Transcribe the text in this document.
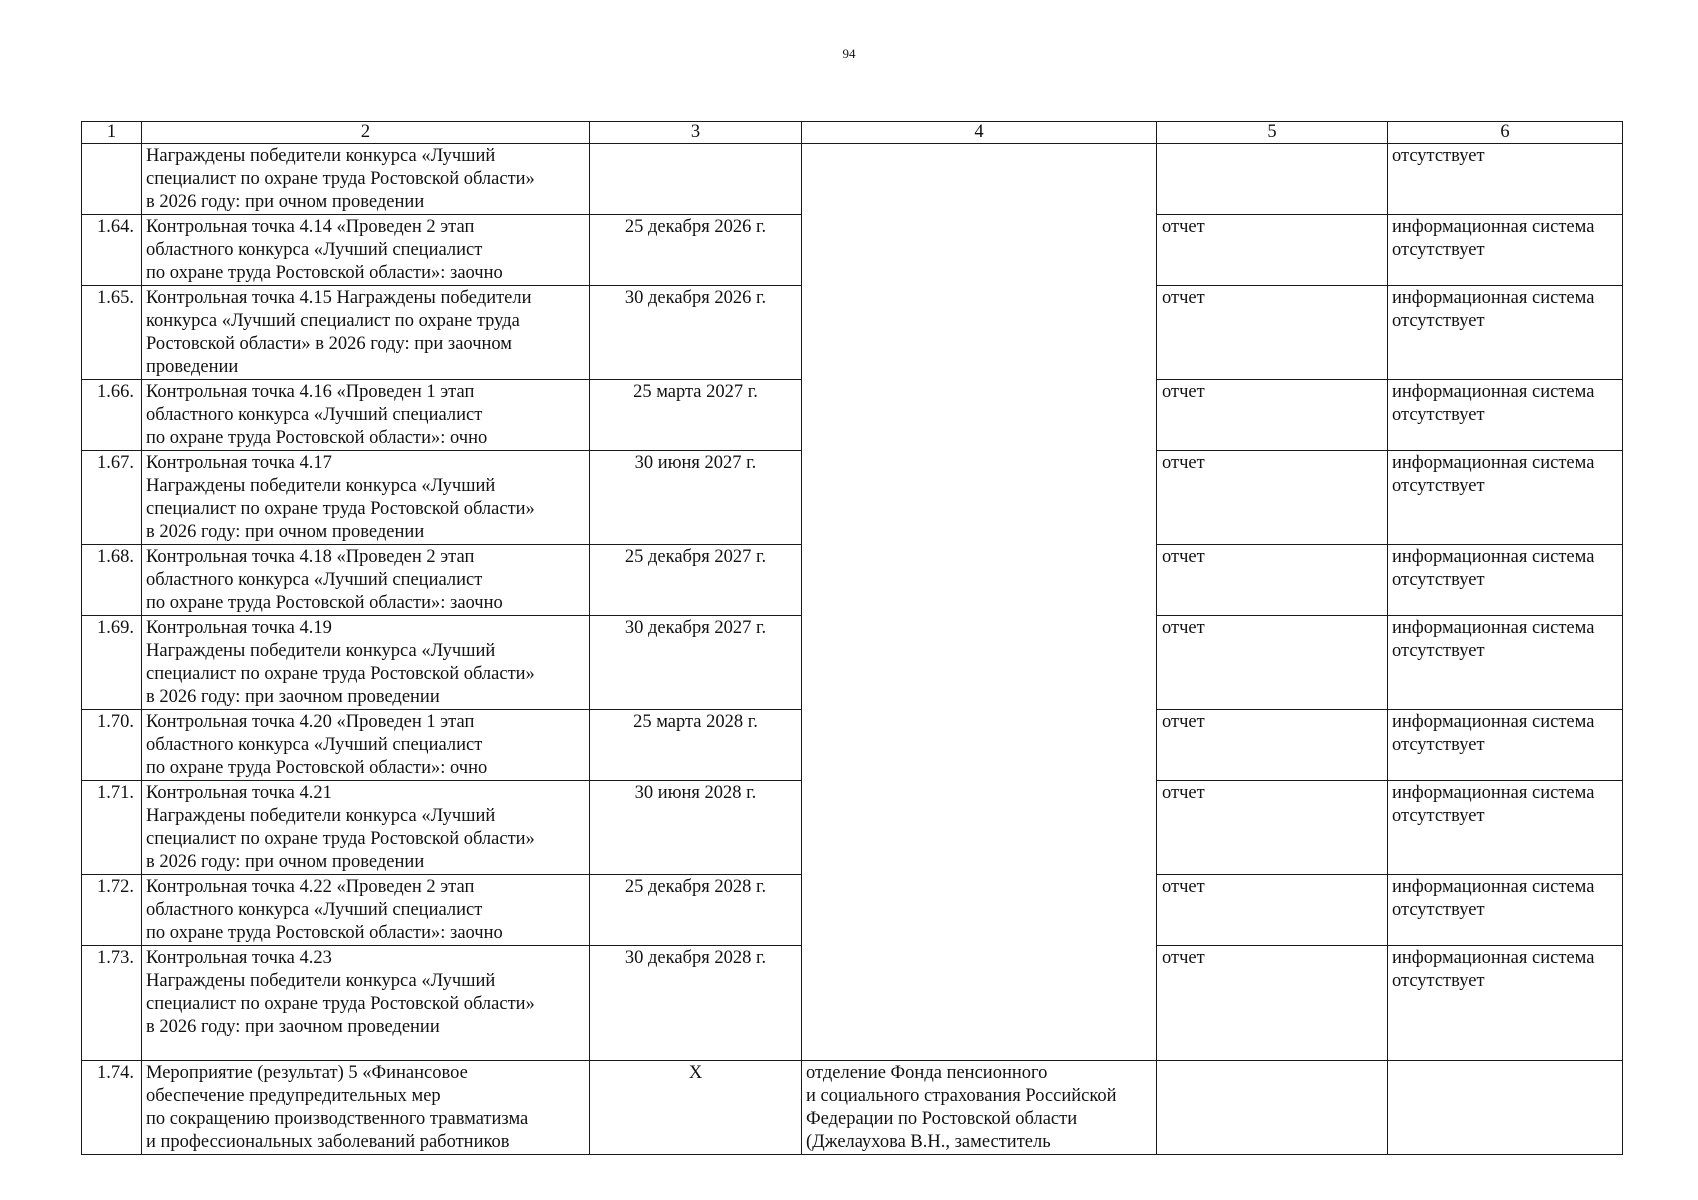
94
1	2	3	4	5	6
	Награждены победители конкурса «Лучший
специалист по охране труда Ростовской области»
в 2026 году: при очном проведении				отсутствует
1.64.	Контрольная точка 4.14 «Проведен 2 этап
областного конкурса «Лучший специалист
по охране труда Ростовской области»: заочно	25 декабря 2026 г.		отчет	информационная система
отсутствует
1.65.	Контрольная точка 4.15 Награждены победители
конкурса «Лучший специалист по охране труда
Ростовской области» в 2026 году: при заочном
проведении	30 декабря 2026 г.		отчет	информационная система
отсутствует
1.66.	Контрольная точка 4.16 «Проведен 1 этап
областного конкурса «Лучший специалист
по охране труда Ростовской области»: очно	25 марта 2027 г.		отчет	информационная система
отсутствует
1.67.	Контрольная точка 4.17
Награждены победители конкурса «Лучший
специалист по охране труда Ростовской области»
в 2026 году: при очном проведении	30 июня 2027 г.		отчет	информационная система
отсутствует
1.68.	Контрольная точка 4.18 «Проведен 2 этап
областного конкурса «Лучший специалист
по охране труда Ростовской области»: заочно	25 декабря 2027 г.		отчет	информационная система
отсутствует
1.69.	Контрольная точка 4.19
Награждены победители конкурса «Лучший
специалист по охране труда Ростовской области»
в 2026 году: при заочном проведении	30 декабря 2027 г.		отчет	информационная система
отсутствует
1.70.	Контрольная точка 4.20 «Проведен 1 этап
областного конкурса «Лучший специалист
по охране труда Ростовской области»: очно	25 марта 2028 г.		отчет	информационная система
отсутствует
1.71.	Контрольная точка 4.21
Награждены победители конкурса «Лучший
специалист по охране труда Ростовской области»
в 2026 году: при очном проведении	30 июня 2028 г.		отчет	информационная система
отсутствует
1.72.	Контрольная точка 4.22 «Проведен 2 этап
областного конкурса «Лучший специалист
по охране труда Ростовской области»: заочно	25 декабря 2028 г.		отчет	информационная система
отсутствует
1.73.	Контрольная точка 4.23
Награждены победители конкурса «Лучший
специалист по охране труда Ростовской области»
в 2026 году: при заочном проведении	30 декабря 2028 г.		отчет	информационная система
отсутствует
1.74.	Мероприятие (результат) 5 «Финансовое
обеспечение предупредительных мер
по сокращению производственного травматизма
и профессиональных заболеваний работников	X	отделение Фонда пенсионного
и социального страхования Российской
Федерации по Ростовской области
(Джелаухова В.Н., заместитель		
